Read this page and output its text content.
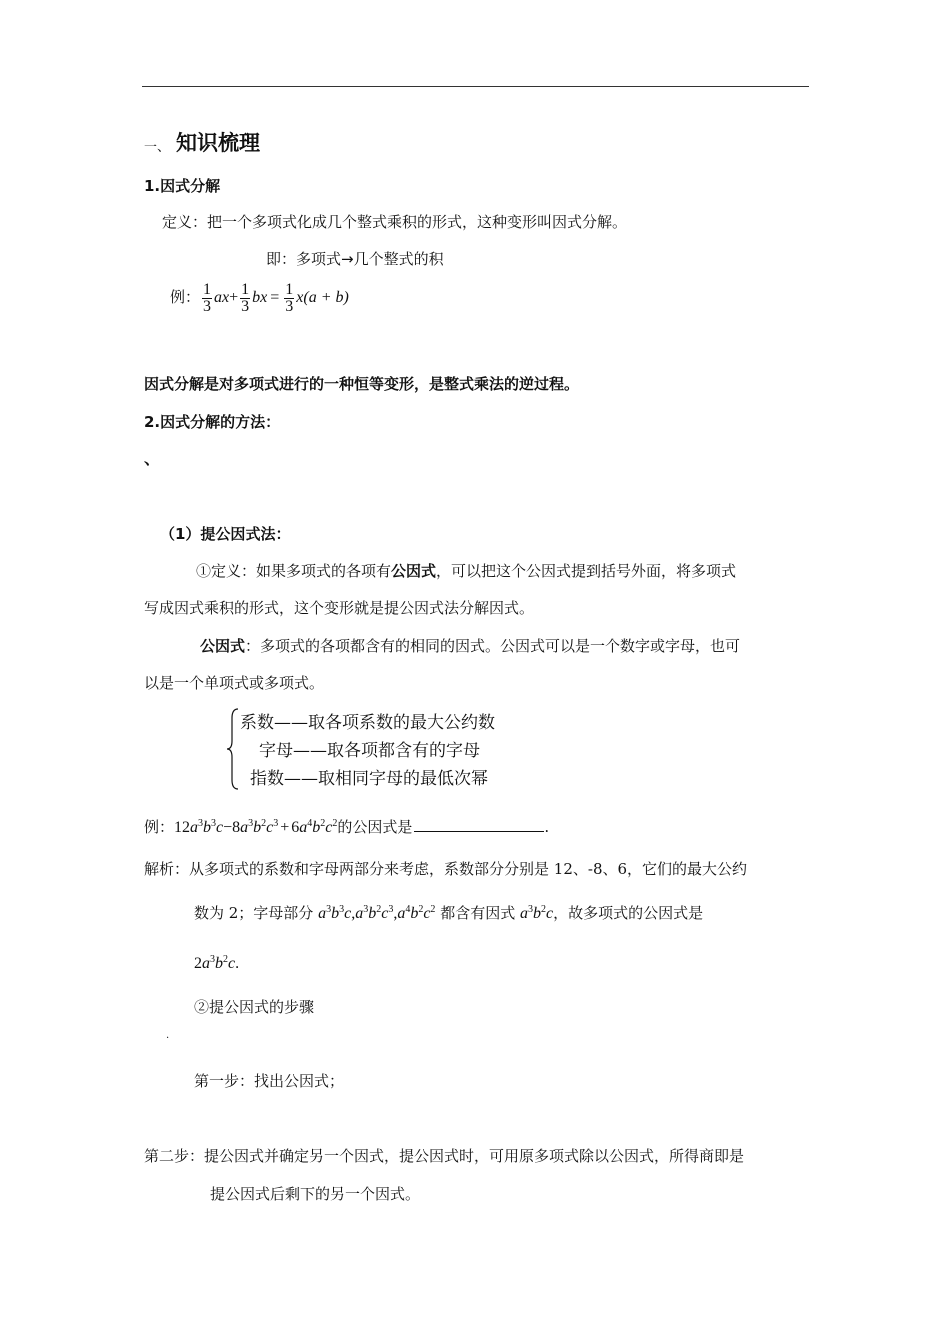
一、 知识梳理
1.因式分解
定义：把一个多项式化成几个整式乘积的形式，这种变形叫因式分解。
即：多项式→几个整式的积
例： $\frac{1}{3} ax+ \frac{1}{3}$ bx = $\frac{1}{3} x(a + b)$
因式分解是对多项式进行的一种恒等变形，是整式乘法的逆过程。
2.因式分解的方法：
、
（1）提公因式法：
①定义：如果多项式的各项有公因式，可以把这个公因式提到括号外面，将多项式
写成因式乘积的形式，这个变形就是提公因式法分解因式。
公因式：多项式的各项都含有的相同的因式。公因式可以是一个数字或字母，也可
以是一个单项式或多项式。
系数——取各项系数的最大公约数
字母——取各项都含有的字母
指数——取相同字母的最低次幂
例：$12a^3b^3c-8a^3b^2c^3 + 6a^4b^2c^2$的公因式是	.
解析：从多项式的系数和字母两部分来考虑，系数部分分别是 12、-8、6，它们的最大公约
数为 2；字母部分 $a^3b^3c,a^3b^2c^3,a^4b^2c^2$ 都含有因式 $a^3b^2c$，故多项式的公因式是
$2a^3b^2c$.
②提公因式的步骤
.
第一步：找出公因式；
第二步：提公因式并确定另一个因式，提公因式时，可用原多项式除以公因式，所得商即是
提公因式后剩下的另一个因式。
